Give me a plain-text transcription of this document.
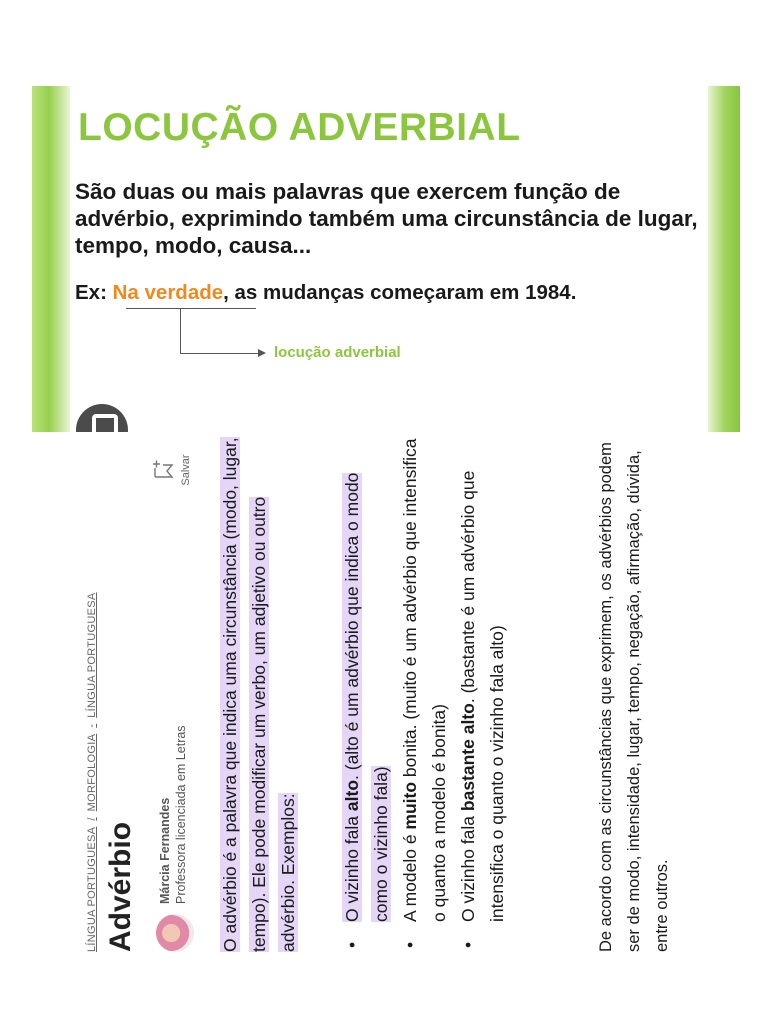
LOCUÇÃO ADVERBIAL

São duas ou mais palavras que exercem função de advérbio, exprimindo também uma circunstância de lugar, tempo, modo, causa...

Ex: Na verdade, as mudanças começaram em 1984.
locução adverbial
LÍNGUA PORTUGUESA/MORFOLOGIA-LÍNGUA PORTUGUESA
Advérbio Márcia Fernandes Professora licenciada em Letras
Salvar	O advérbio é a palavra que indica uma circunstância (modo, lugar, tempo). Ele pode modificar um verbo, um adjetivo ou outro advérbio. Exemplos:	• O vizinho fala alto. (alto é um advérbio que indica o modo como o vizinho fala) • A modelo é muito bonita. (muito é um advérbio que intensifica o quanto a modelo é bonita) • O vizinho fala bastante alto. (bastante é um advérbio que intensifica o quanto o vizinho fala alto)	De acordo com as circunstâncias que exprimem, os advérbios podem ser de modo, intensidade, lugar, tempo, negação, afirmação, dúvida, entre outros.
